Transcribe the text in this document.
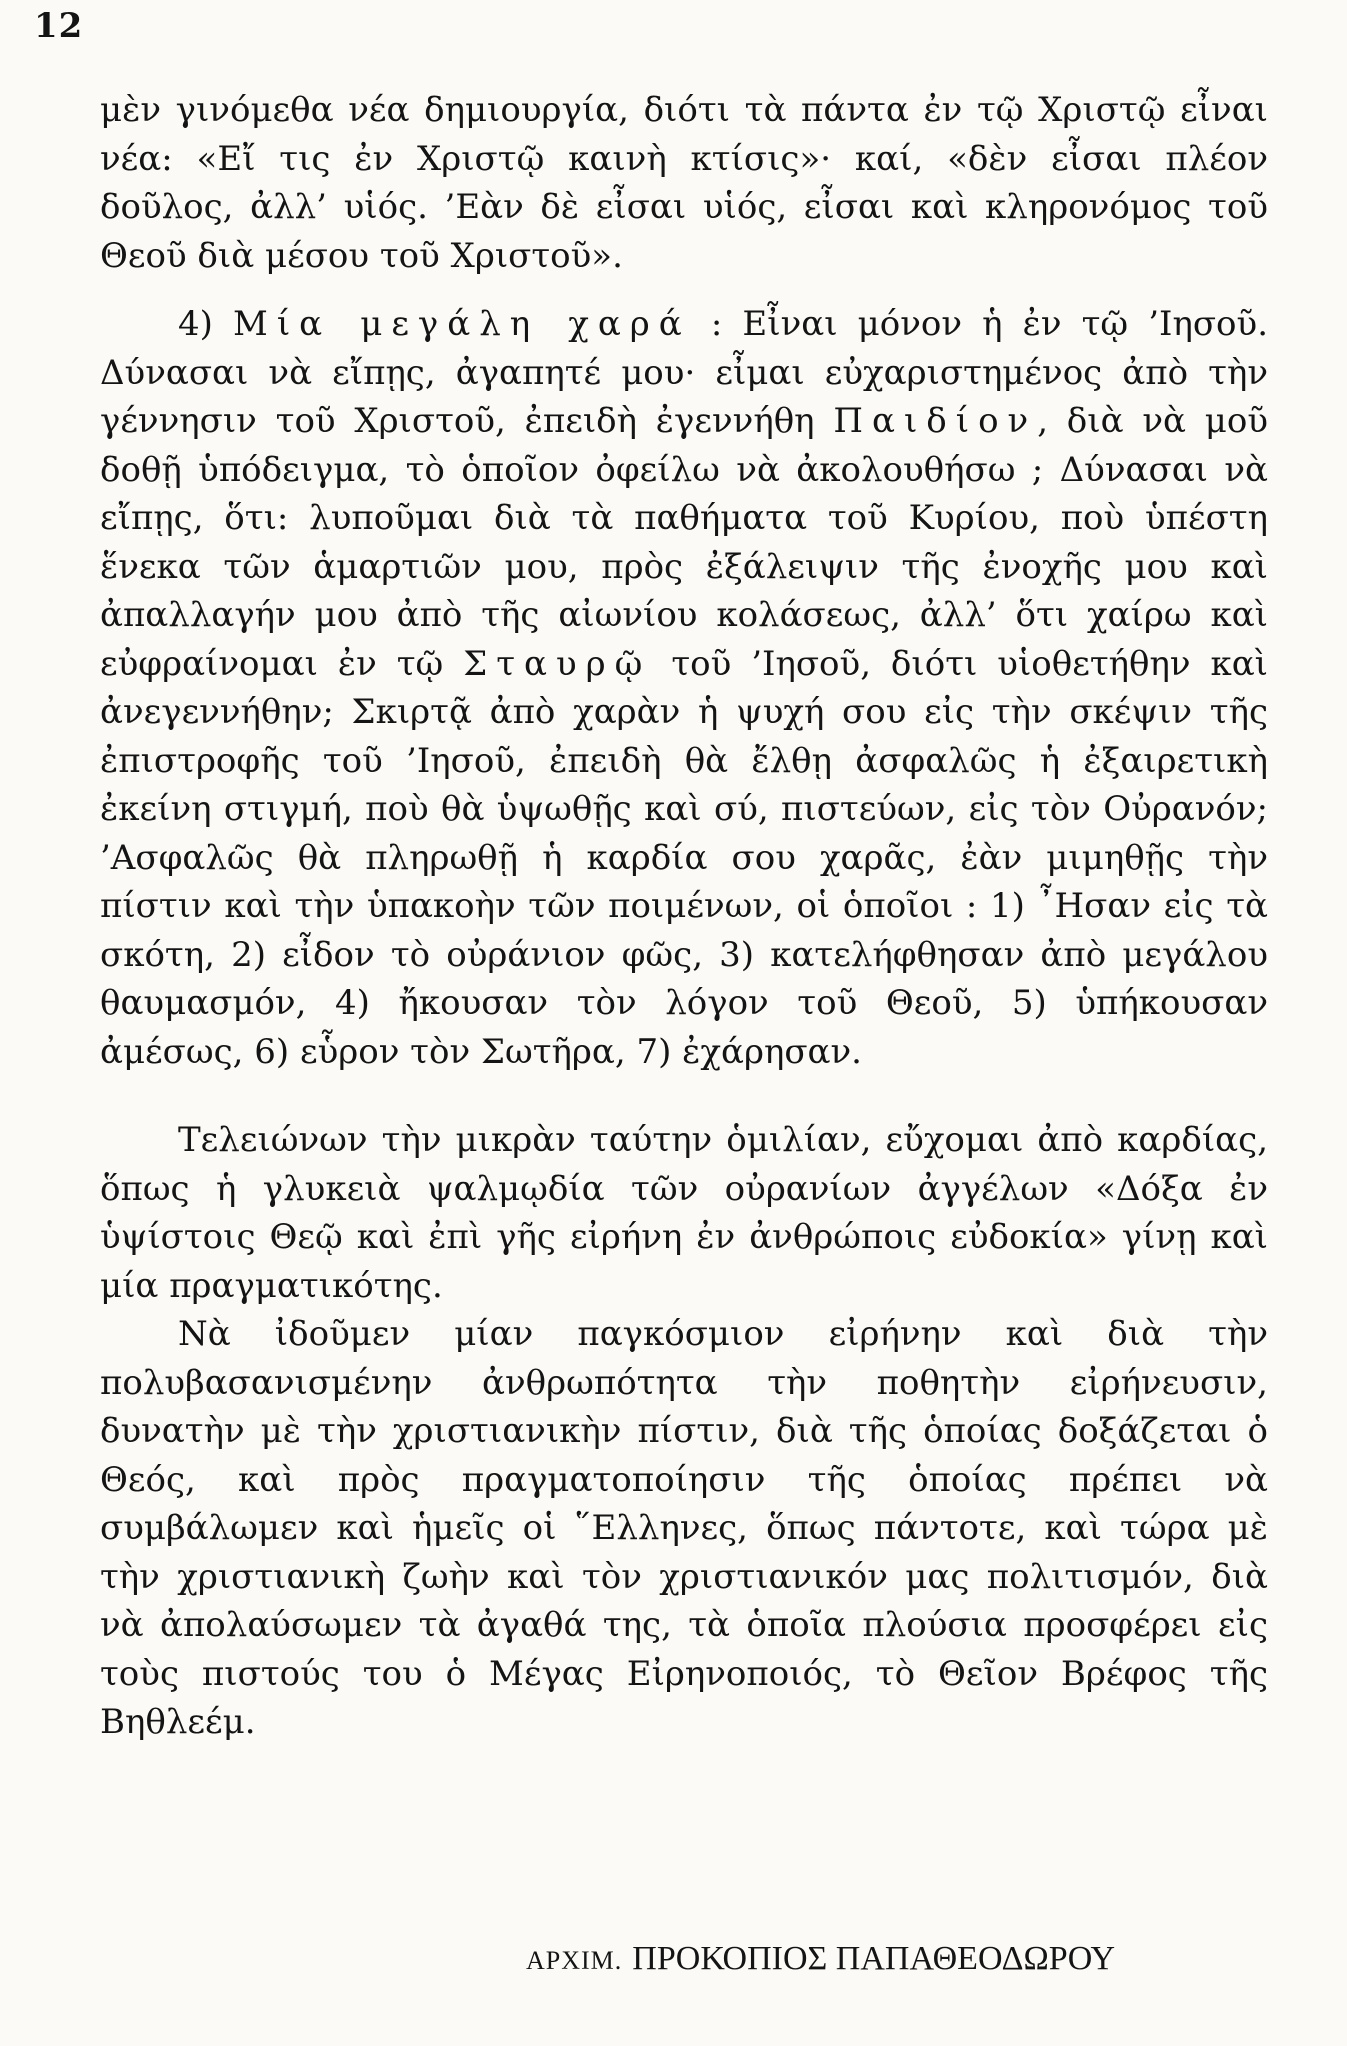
12

μὲν γινόμεθα νέα δημιουργία, διότι τὰ πάντα ἐν τῷ Χριστῷ εἶναι νέα: «Εἴ τις ἐν Χριστῷ καινὴ κτίσις»· καί, «δὲν εἶσαι πλέον δοῦλος, ἀλλ’ υἱός. ’Εὰν δὲ εἶσαι υἱός, εἶσαι καὶ κληρονόμος τοῦ Θεοῦ διὰ μέσου τοῦ Χριστοῦ».

4) Μία μεγάλη χαρά : Εἶναι μόνον ἡ ἐν τῷ ’Ιησοῦ. Δύνασαι νὰ εἴπῃς, ἀγαπητέ μου· εἶμαι εὐχαριστημένος ἀπὸ τὴν γέννησιν τοῦ Χριστοῦ, ἐπειδὴ ἐγεννήθη Παιδίον, διὰ νὰ μοῦ δοθῇ ὑπόδειγμα, τὸ ὁποῖον ὀφείλω νὰ ἀκολουθήσω ; Δύνασαι νὰ εἴπῃς, ὅτι: λυποῦμαι διὰ τὰ παθήματα τοῦ Κυρίου, ποὺ ὑπέστη ἕνεκα τῶν ἁμαρτιῶν μου, πρὸς ἐξάλειψιν τῆς ἐνοχῆς μου καὶ ἀπαλλαγήν μου ἀπὸ τῆς αἰωνίου κολάσεως, ἀλλ’ ὅτι χαίρω καὶ εὐφραίνομαι ἐν τῷ Σταυρῷ τοῦ ’Ιησοῦ, διότι υἱοθετήθην καὶ ἀνεγεννήθην; Σκιρτᾷ ἀπὸ χαρὰν ἡ ψυχή σου εἰς τὴν σκέψιν τῆς ἐπιστροφῆς τοῦ ’Ιησοῦ, ἐπειδὴ θὰ ἔλθῃ ἀσφαλῶς ἡ ἐξαιρετικὴ ἐκείνη στιγμή, ποὺ θὰ ὑψωθῇς καὶ σύ, πιστεύων, εἰς τὸν Οὐρανόν; ’Ασφαλῶς θὰ πληρωθῇ ἡ καρδία σου χαρᾶς, ἐὰν μιμηθῇς τὴν πίστιν καὶ τὴν ὑπακοὴν τῶν ποιμένων, οἱ ὁποῖοι : 1) ῏Ησαν εἰς τὰ σκότη, 2) εἶδον τὸ οὐράνιον φῶς, 3) κατελήφθησαν ἀπὸ μεγάλου θαυμασμόν, 4) ἤκουσαν τὸν λόγον τοῦ Θεοῦ, 5) ὑπήκουσαν ἀμέσως, 6) εὗρον τὸν Σωτῆρα, 7) ἐχάρησαν.

Τελειώνων τὴν μικρὰν ταύτην ὁμιλίαν, εὔχομαι ἀπὸ καρδίας, ὅπως ἡ γλυκειὰ ψαλμῳδία τῶν οὐρανίων ἀγγέλων «Δόξα ἐν ὑψίστοις Θεῷ καὶ ἐπὶ γῆς εἰρήνη ἐν ἀνθρώποις εὐδοκία» γίνῃ καὶ μία πραγματικότης.

Νὰ ἰδοῦμεν μίαν παγκόσμιον εἰρήνην καὶ διὰ τὴν πολυβασανισμένην ἀνθρωπότητα τὴν ποθητὴν εἰρήνευσιν, δυνατὴν μὲ τὴν χριστιανικὴν πίστιν, διὰ τῆς ὁποίας δοξάζεται ὁ Θεός, καὶ πρὸς πραγματοποίησιν τῆς ὁποίας πρέπει νὰ συμβάλωμεν καὶ ἡμεῖς οἱ ῞Ελληνες, ὅπως πάντοτε, καὶ τώρα μὲ τὴν χριστιανικὴ ζωὴν καὶ τὸν χριστιανικόν μας πολιτισμόν, διὰ νὰ ἀπολαύσωμεν τὰ ἀγαθά της, τὰ ὁποῖα πλούσια προσφέρει εἰς τοὺς πιστούς του ὁ Μέγας Εἰρηνοποιός, τὸ Θεῖον Βρέφος τῆς Βηθλεέμ.

ΑΡΧΙΜ. ΠΡΟΚΟΠΙΟΣ ΠΑΠΑΘΕΟΔΩΡΟΥ
